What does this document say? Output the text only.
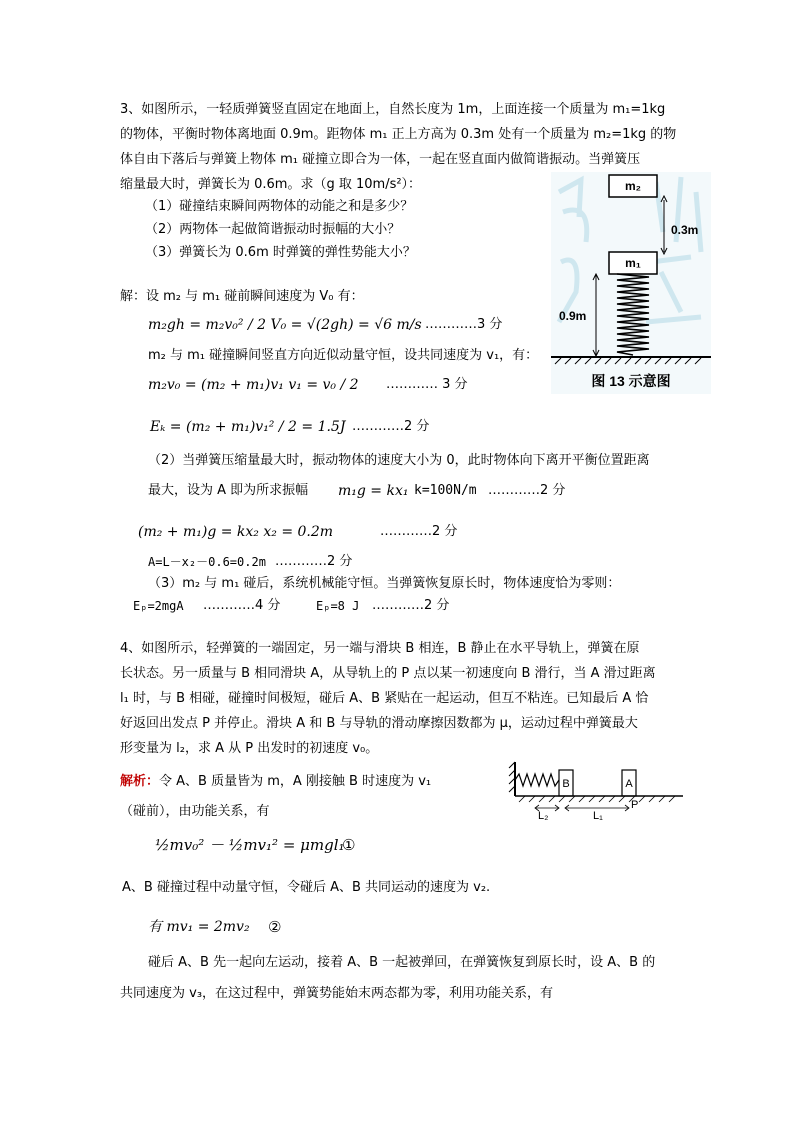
3、如图所示，一轻质弹簧竖直固定在地面上，自然长度为 1m，上面连接一个质量为 m₁=1kg
的物体，平衡时物体离地面 0.9m。距物体 m₁ 正上方高为 0.3m 处有一个质量为 m₂=1kg 的物
体自由下落后与弹簧上物体 m₁ 碰撞立即合为一体，一起在竖直面内做简谐振动。当弹簧压
缩量最大时，弹簧长为 0.6m。求（g 取 10m/s²）：
（1）碰撞结束瞬间两物体的动能之和是多少？
（2）两物体一起做简谐振动时振幅的大小？
（3）弹簧长为 0.6m 时弹簧的弹性势能大小？
解：设 m₂ 与 m₁ 碰前瞬间速度为 V₀ 有：
m₂gh = m₂v₀² / 2 V₀ = √(2gh) = √6 m/s …………3 分
m₂ 与 m₁ 碰撞瞬间竖直方向近似动量守恒，设共同速度为 v₁，有：
m₂v₀ = (m₂ + m₁)v₁ v₁ = v₀ / 2 ………… 3 分
Eₖ = (m₂ + m₁)v₁² / 2 = 1.5J …………2 分
（2）当弹簧压缩量最大时，振动物体的速度大小为 0，此时物体向下离开平衡位置距离
最大，设为 A 即为所求振幅 m₁g = kx₁ k=100N/m …………2 分
(m₂ + m₁)g = kx₂ x₂ = 0.2m	…………2 分
A=L－x₂－0.6=0.2m …………2 分
（3）m₂ 与 m₁ 碰后，系统机械能守恒。当弹簧恢复原长时，物体速度恰为零则：
Eₚ=2mgA …………4 分	Eₚ=8 J …………2 分
m₂
m₁
0.3m
0.9m
图 13 示意图
4、如图所示，轻弹簧的一端固定，另一端与滑块 B 相连，B 静止在水平导轨上，弹簧在原
长状态。另一质量与 B 相同滑块 A，从导轨上的 P 点以某一初速度向 B 滑行，当 A 滑过距离
l₁ 时，与 B 相碰，碰撞时间极短，碰后 A、B 紧贴在一起运动，但互不粘连。已知最后 A 恰
好返回出发点 P 并停止。滑块 A 和 B 与导轨的滑动摩擦因数都为 μ，运动过程中弹簧最大
形变量为 l₂，求 A 从 P 出发时的初速度 v₀。
解析：令 A、B 质量皆为 m，A 刚接触 B 时速度为 v₁
（碰前），由功能关系，有
½mv₀² － ½mv₁² = μmgl₁
①
A、B 碰撞过程中动量守恒，令碰后 A、B 共同运动的速度为 v₂.
有 mv₁ = 2mv₂ ②
碰后 A、B 先一起向左运动，接着 A、B 一起被弹回，在弹簧恢复到原长时，设 A、B 的
共同速度为 v₃，在这过程中，弹簧势能始末两态都为零，利用功能关系，有
B	A
L₂	L₁
P
